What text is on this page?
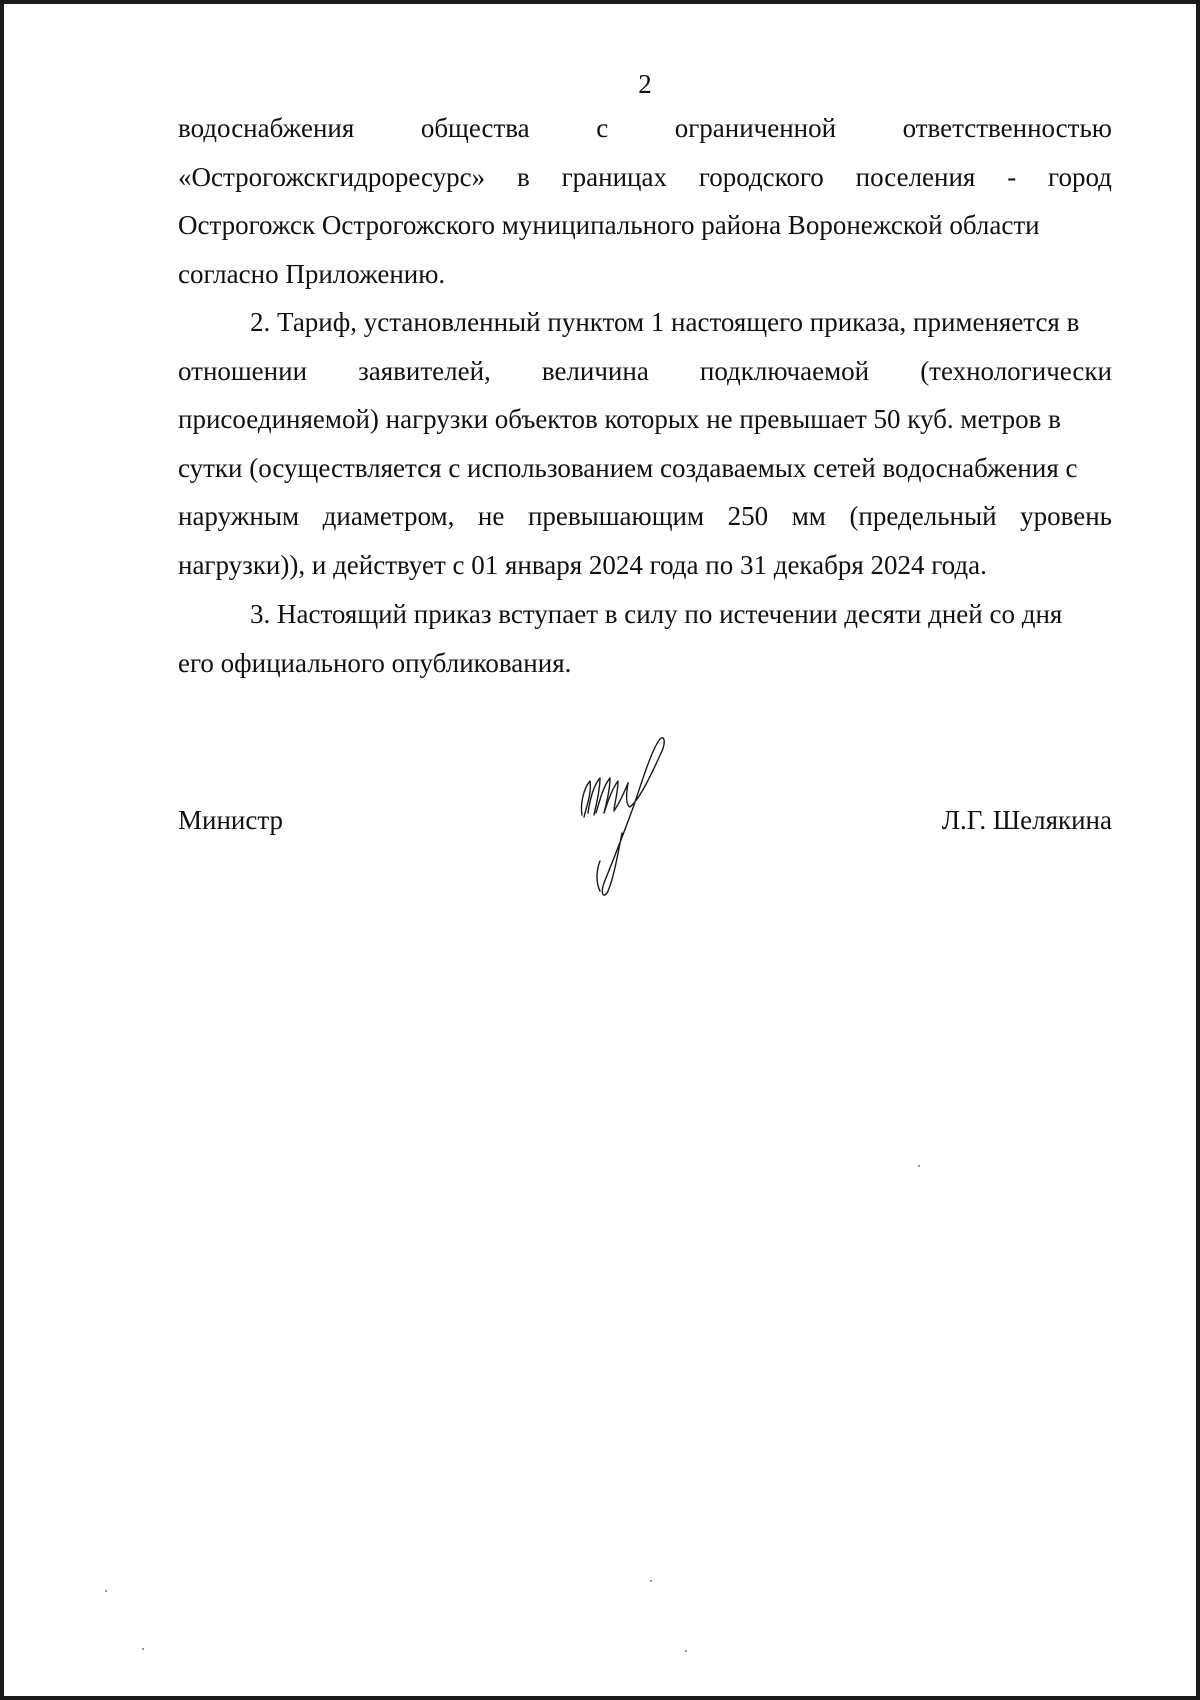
2
водоснабжения общества с ограниченной ответственностью
«Острогожскгидроресурс» в границах городского поселения - город
Острогожск Острогожского муниципального района Воронежской области
согласно Приложению.
2. Тариф, установленный пунктом 1 настоящего приказа, применяется в
отношении заявителей, величина подключаемой (технологически
присоединяемой) нагрузки объектов которых не превышает 50 куб. метров в
сутки (осуществляется с использованием создаваемых сетей водоснабжения с
наружным диаметром, не превышающим 250 мм (предельный уровень
нагрузки)), и действует с 01 января 2024 года по 31 декабря 2024 года.
3. Настоящий приказ вступает в силу по истечении десяти дней со дня
его официального опубликования.
Министр	Л.Г. Шелякина
